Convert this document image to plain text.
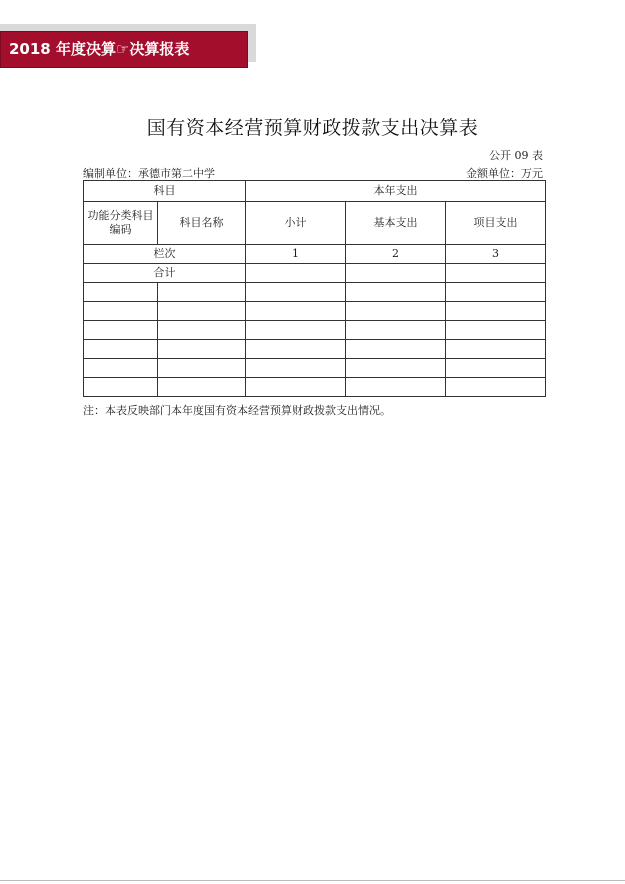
2018 年度决算☞决算报表
国有资本经营预算财政拨款支出决算表
公开 09 表
编制单位：承德市第二中学	金额单位：万元
科目		本年支出		
功能分类科目编码	科目名称	小计	基本支出	项目支出
栏次		1	2	3
合计				

注：本表反映部门本年度国有资本经营预算财政拨款支出情况。
